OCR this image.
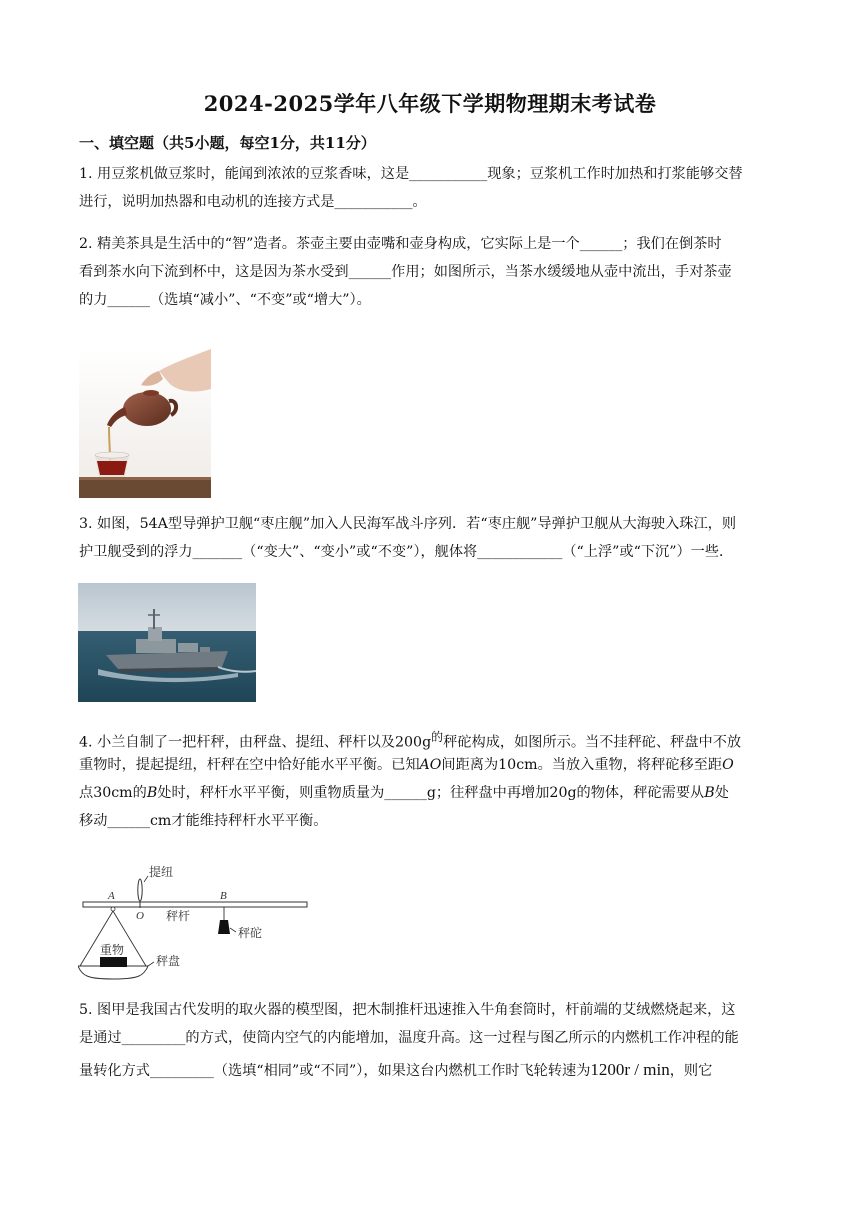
2024-2025学年八年级下学期物理期末考试卷
一、填空题（共5小题，每空1分，共11分）
1. 用豆浆机做豆浆时，能闻到浓浓的豆浆香味，这是___________现象；豆浆机工作时加热和打浆能够交替
进行，说明加热器和电动机的连接方式是___________。
2. 精美茶具是生活中的“智”造者。茶壶主要由壶嘴和壶身构成，它实际上是一个______；我们在倒茶时
看到茶水向下流到杯中，这是因为茶水受到______作用；如图所示，当茶水缓缓地从壶中流出，手对茶壶
的力______（选填“减小”、“不变”或“增大”）。
3. 如图，54A型导弹护卫舰“枣庄舰”加入人民海军战斗序列．若“枣庄舰”导弹护卫舰从大海驶入珠江，则
护卫舰受到的浮力_______（“变大”、“变小”或“不变”），舰体将____________（“上浮”或“下沉”）一些．
4. 小兰自制了一把杆秤，由秤盘、提纽、秤杆以及$200g^的$秤砣构成，如图所示。当不挂秤砣、秤盘中不放
重物时，提起提纽，杆秤在空中恰好能水平平衡。已知AO间距离为10cm。当放入重物，将秤砣移至距O
点30cm的B处时，秤杆水平平衡，则重物质量为______g；往秤盘中再增加20g的物体，秤砣需要从B处
移动______cm才能维持秤杆水平平衡。
提纽
A
O
B
秤杆
重物
秤盘
秤砣
5. 图甲是我国古代发明的取火器的模型图，把木制推杆迅速推入牛角套筒时，杆前端的艾绒燃烧起来，这
是通过_________的方式，使筒内空气的内能增加，温度升高。这一过程与图乙所示的内燃机工作冲程的能
量转化方式_________（选填“相同”或“不同”），如果这台内燃机工作时飞轮转速为1200r / min，则它
